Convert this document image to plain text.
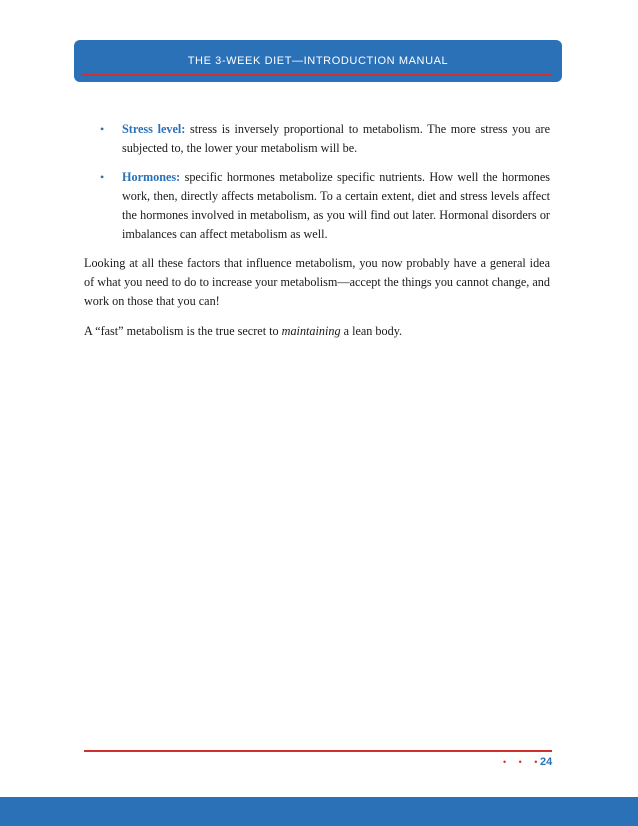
THE 3-WEEK DIET—INTRODUCTION MANUAL
• Stress level: stress is inversely proportional to metabolism. The more stress you are subjected to, the lower your metabolism will be.
• Hormones: specific hormones metabolize specific nutrients. How well the hormones work, then, directly affects metabolism. To a certain extent, diet and stress levels affect the hormones involved in metabolism, as you will find out later. Hormonal disorders or imbalances can affect metabolism as well.

Looking at all these factors that influence metabolism, you now probably have a general idea of what you need to do to increase your metabolism—accept the things you cannot change, and work on those that you can!

A “fast” metabolism is the true secret to maintaining a lean body.

• • •
24
